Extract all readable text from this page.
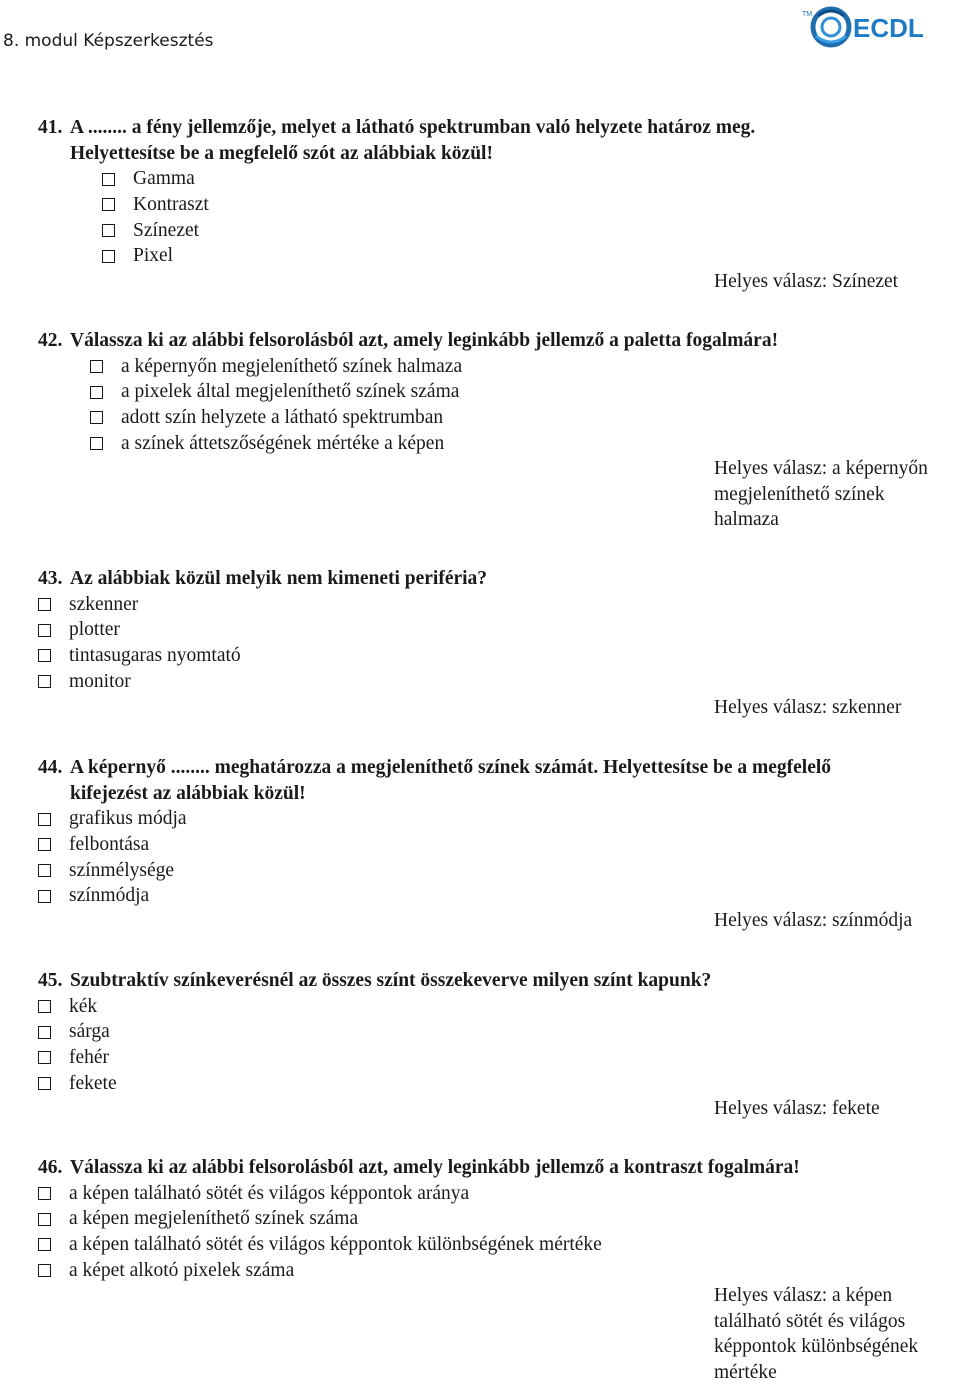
8. modul Képszerkesztés
TM ECDL
41. A ........ a fény jellemzője, melyet a látható spektrumban való helyzete határoz meg.
Helyettesítse be a megfelelő szót az alábbiak közül!
Gamma
Kontraszt
Színezet
Pixel
Helyes válasz: Színezet
42. Válassza ki az alábbi felsorolásból azt, amely leginkább jellemző a paletta fogalmára!
a képernyőn megjeleníthető színek halmaza
a pixelek által megjeleníthető színek száma
adott szín helyzete a látható spektrumban
a színek áttetszőségének mértéke a képen
Helyes válasz: a képernyőn
megjeleníthető színek
halmaza
43. Az alábbiak közül melyik nem kimeneti periféria?
szkenner
plotter
tintasugaras nyomtató
monitor
Helyes válasz: szkenner
44. A képernyő ........ meghatározza a megjeleníthető színek számát. Helyettesítse be a megfelelő
kifejezést az alábbiak közül!
grafikus módja
felbontása
színmélysége
színmódja
Helyes válasz: színmódja
45. Szubtraktív színkeverésnél az összes színt összekeverve milyen színt kapunk?
kék
sárga
fehér
fekete
Helyes válasz: fekete
46. Válassza ki az alábbi felsorolásból azt, amely leginkább jellemző a kontraszt fogalmára!
a képen található sötét és világos képpontok aránya
a képen megjeleníthető színek száma
a képen található sötét és világos képpontok különbségének mértéke
a képet alkotó pixelek száma
Helyes válasz: a képen
található sötét és világos
képpontok különbségének
mértéke
